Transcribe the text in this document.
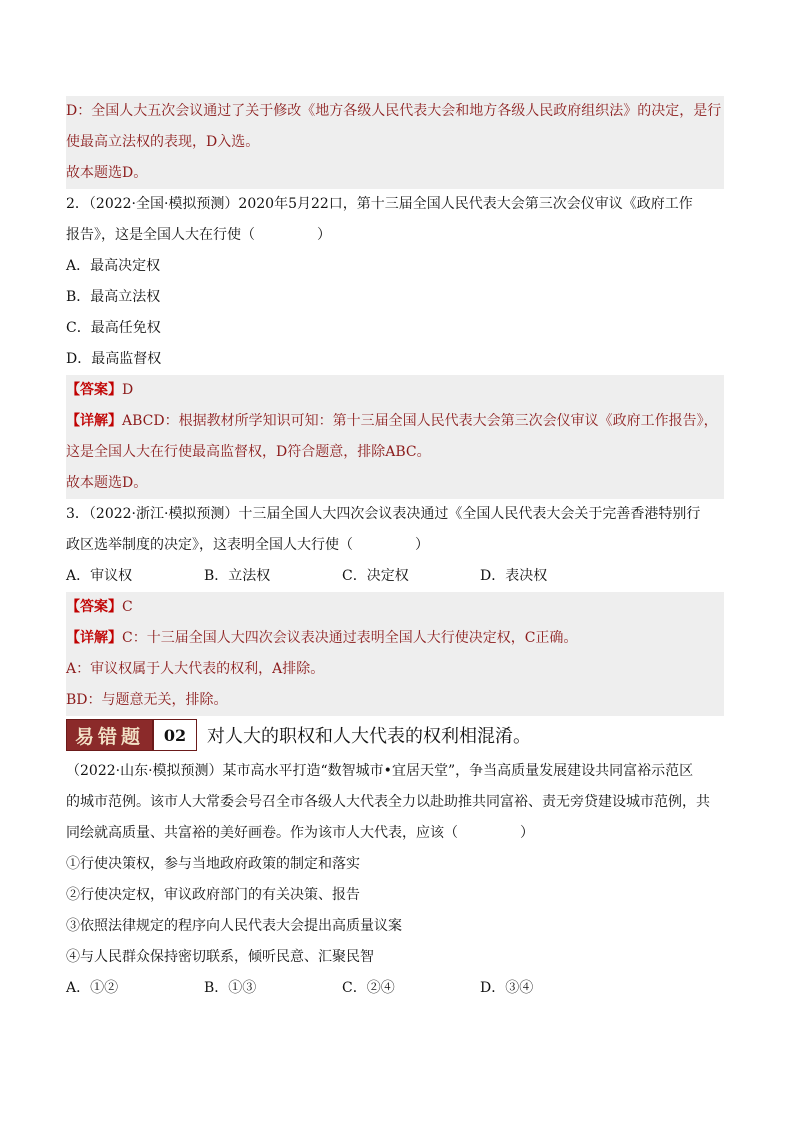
D：全国人大五次会议通过了关于修改《地方各级人民代表大会和地方各级人民政府组织法》的决定，是行
使最高立法权的表现，D入选。
故本题选D。
2．（2022·全国·模拟预测）2020年5月22口，第十三届全国人民代表大会第三次会仪审议《政府工作
报告》，这是全国人大在行使（	）
A．最高决定权
B．最高立法权
C．最高任免权
D．最高监督权
【答案】D
【详解】ABCD：根据教材所学知识可知：第十三届全国人民代表大会第三次会仪审议《政府工作报告》，
这是全国人大在行使最高监督权，D符合题意，排除ABC。
故本题选D。
3．（2022·浙江·模拟预测）十三届全国人大四次会议表决通过《全国人民代表大会关于完善香港特别行
政区选举制度的决定》，这表明全国人大行使（	）
A．审议权	B．立法权	C．决定权	D．表决权
【答案】C
【详解】C：十三届全国人大四次会议表决通过表明全国人大行使决定权，C正确。
A：审议权属于人大代表的权利，A排除。
BD：与题意无关，排除。
易错题	02	对人大的职权和人大代表的权利相混淆。
（2022·山东·模拟预测）某市高水平打造“数智城市•宜居天堂”，争当高质量发展建设共同富裕示范区
的城市范例。该市人大常委会号召全市各级人大代表全力以赴助推共同富裕、责无旁贷建设城市范例，共
同绘就高质量、共富裕的美好画卷。作为该市人大代表，应该（	）
①行使决策权，参与当地政府政策的制定和落实
②行使决定权，审议政府部门的有关决策、报告
③依照法律规定的程序向人民代表大会提出高质量议案
④与人民群众保持密切联系，倾听民意、汇聚民智
A．①②	B．①③	C．②④	D．③④
